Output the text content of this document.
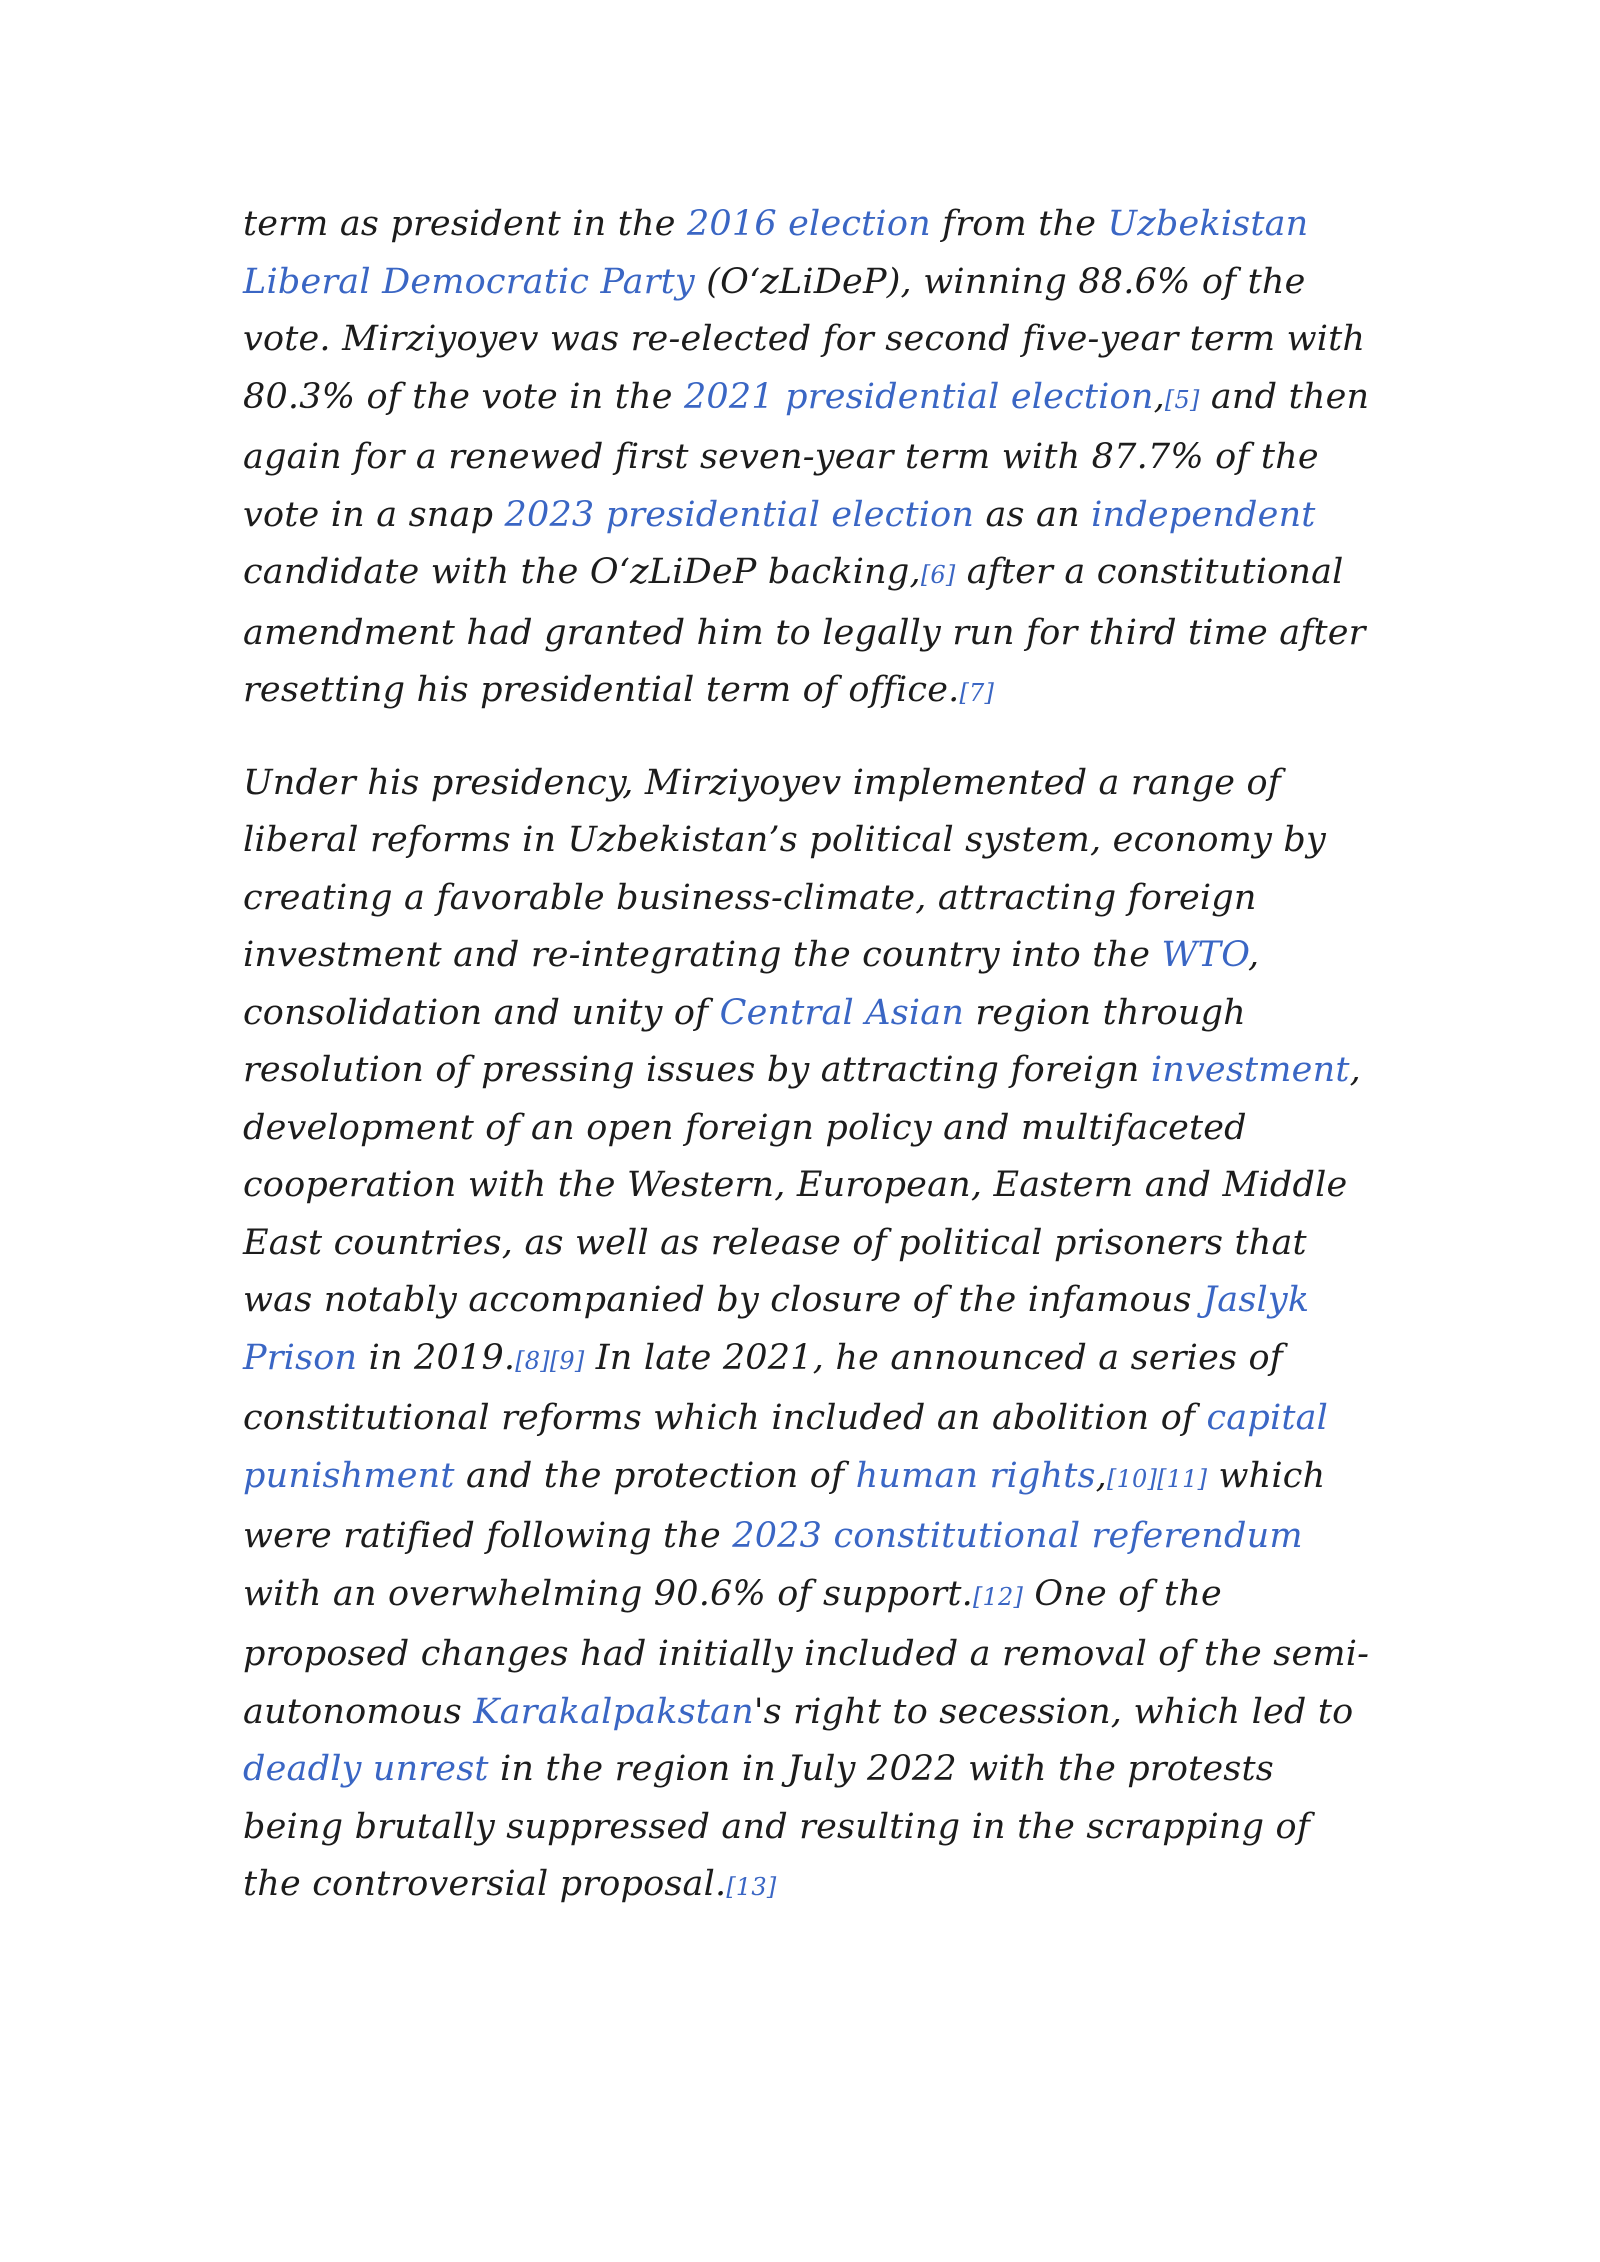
term as president in the 2016 election from the Uzbekistan Liberal Democratic Party (O‘zLiDeP), winning 88.6% of the vote. Mirziyoyev was re-elected for second five-year term with 80.3% of the vote in the 2021 presidential election,[5] and then again for a renewed first seven-year term with 87.7% of the vote in a snap 2023 presidential election as an independent candidate with the O‘zLiDeP backing,[6] after a constitutional amendment had granted him to legally run for third time after resetting his presidential term of office.[7]

Under his presidency, Mirziyoyev implemented a range of liberal reforms in Uzbekistan’s political system, economy by creating a favorable business-climate, attracting foreign investment and re-integrating the country into the WTO, consolidation and unity of Central Asian region through resolution of pressing issues by attracting foreign investment, development of an open foreign policy and multifaceted cooperation with the Western, European, Eastern and Middle East countries, as well as release of political prisoners that was notably accompanied by closure of the infamous Jaslyk Prison in 2019.[8][9] In late 2021, he announced a series of constitutional reforms which included an abolition of capital punishment and the protection of human rights,[10][11] which were ratified following the 2023 constitutional referendum with an overwhelming 90.6% of support.[12] One of the proposed changes had initially included a removal of the semi-autonomous Karakalpakstan's right to secession, which led to deadly unrest in the region in July 2022 with the protests being brutally suppressed and resulting in the scrapping of the controversial proposal.[13]
